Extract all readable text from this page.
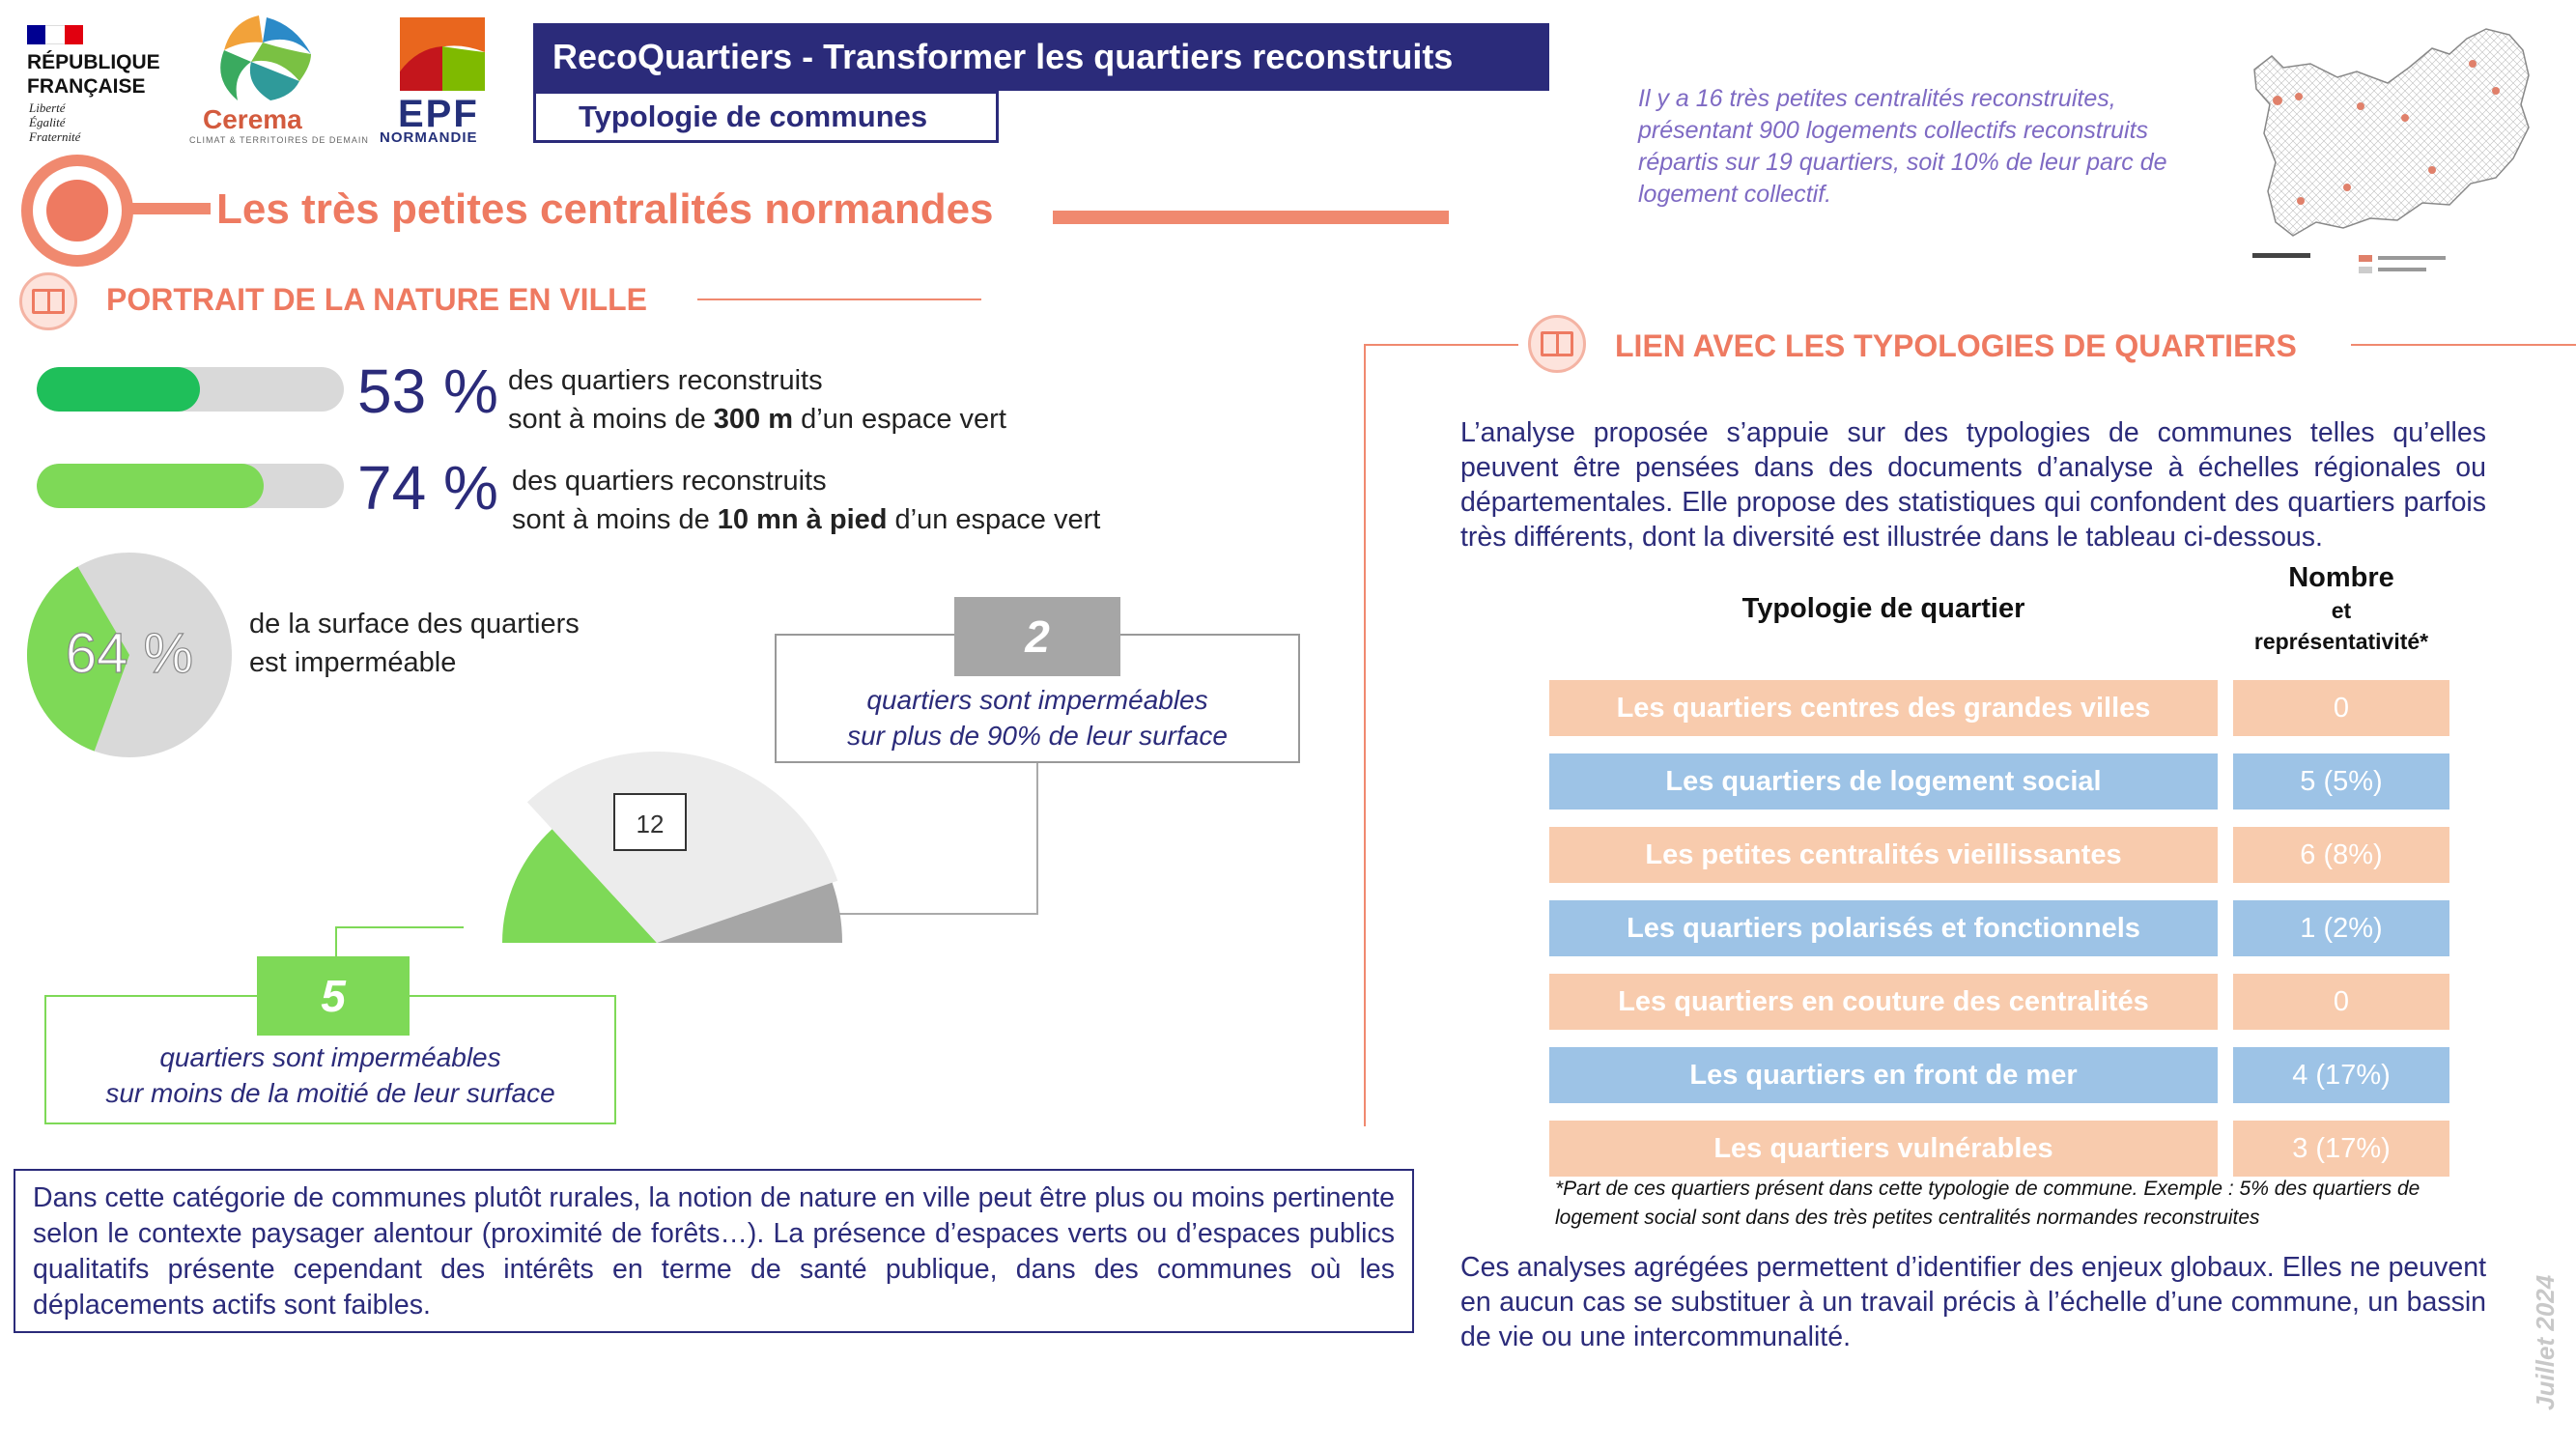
RÉPUBLIQUE
FRANÇAISE
Liberté
Égalité
Fraternité
Cerema
CLIMAT & TERRITOIRES DE DEMAIN
EPF
NORMANDIE
RecoQuartiers - Transformer les quartiers reconstruits
Typologie de communes
Il y a 16 très petites centralités reconstruites, présentant 900 logements collectifs reconstruits répartis sur 19 quartiers, soit 10% de leur parc de logement collectif.
Les très petites centralités normandes
PORTRAIT DE LA NATURE EN VILLE
53 % des quartiers reconstruits
sont à moins de 300 m d’un espace vert
74 % des quartiers reconstruits
sont à moins de 10 mn à pied d’un espace vert
64 % de la surface des quartiers
est imperméable
12
quartiers sont imperméables
sur plus de 90% de leur surface
2
quartiers sont imperméables
sur moins de la moitié de leur surface
5
Dans cette catégorie de communes plutôt rurales, la notion de nature en ville peut être plus ou moins pertinente selon le contexte paysager alentour (proximité de forêts…). La présence d’espaces verts ou d’espaces publics qualitatifs présente cependant des intérêts en terme de santé publique, dans des communes où les déplacements actifs sont faibles.
LIEN AVEC LES TYPOLOGIES DE QUARTIERS
L’analyse proposée s’appuie sur des typologies de communes telles qu’elles peuvent être pensées dans des documents d’analyse à échelles régionales ou départementales. Elle propose des statistiques qui confondent des quartiers parfois très différents, dont la diversité est illustrée dans le tableau ci-dessous.
Typologie de quartier
Nombre
et
représentativité*
Les quartiers centres des grandes villes	0
Les quartiers de logement social	5 (5%)
Les petites centralités vieillissantes	6 (8%)
Les quartiers polarisés et fonctionnels	1 (2%)
Les quartiers en couture des centralités	0
Les quartiers en front de mer	4 (17%)
Les quartiers vulnérables	3 (17%)
*Part de ces quartiers présent dans cette typologie de commune. Exemple : 5% des quartiers de logement social sont dans des très petites centralités normandes reconstruites
Ces analyses agrégées permettent d’identifier des enjeux globaux. Elles ne peuvent en aucun cas se substituer à un travail précis à l’échelle d’une commune, un bassin de vie ou une intercommunalité.	Juillet 2024
